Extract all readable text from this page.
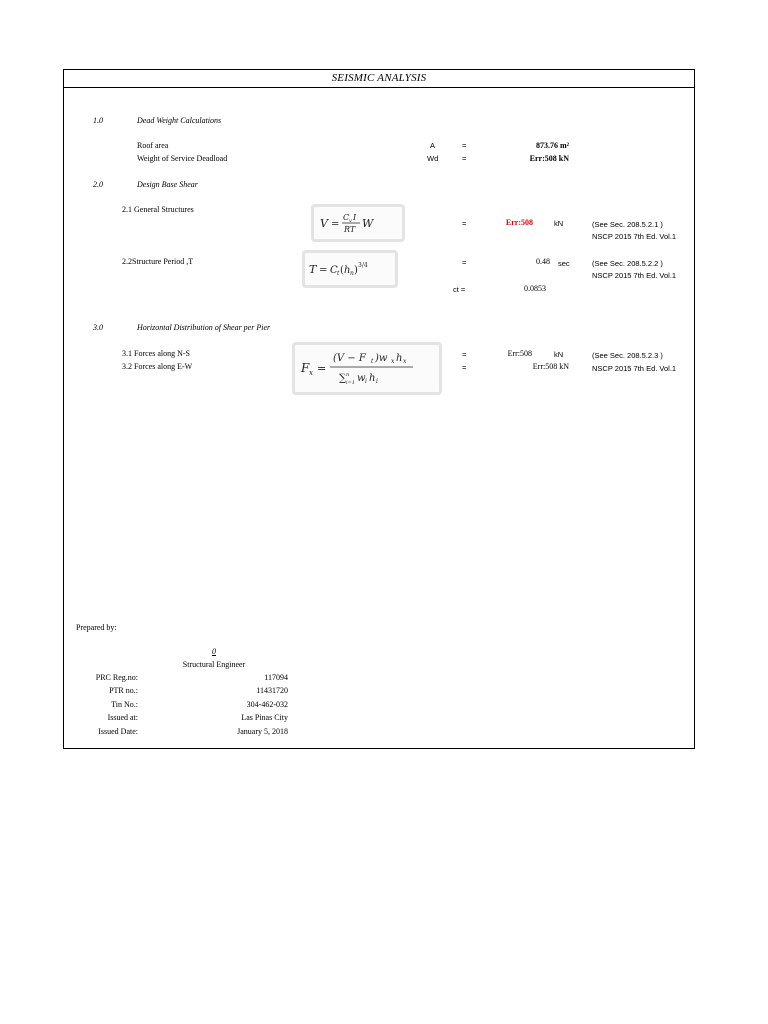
SEISMIC ANALYSIS
1.0	Dead Weight Calculations
Roof area	A	=	873.76 m²
Weight of Service Deadload	Wd	=	Err:508 kN
2.0	Design Base Shear
2.1 General Structures
V =
C v I
RT W	=	Err:508	kN	(See Sec. 208.5.2.1 )
NSCP 2015 7th Ed. Vol.1
2.2Structure Period ,T
T = C t ( h n ) 3/4	=	0.48 sec	(See Sec. 208.5.2.2 )
NSCP 2015 7th Ed. Vol.1
ct =	0.0853
3.0	Horizontal Distribution of Shear per Pier
F x =
(V − F t )w x h x
∑ n
i=1 w i h i
3.1 Forces along N-S	=	Err:508	kN	(See Sec. 208.5.2.3 )
3.2 Forces along E-W	=	Err:508 kN	NSCP 2015 7th Ed. Vol.1
Prepared by:
0
Structural Engineer
PRC Reg.no:	117094
PTR no.:	11431720
Tin No.:	304-462-032
Issued at:	Las Pinas City
Issued Date:	January 5, 2018
